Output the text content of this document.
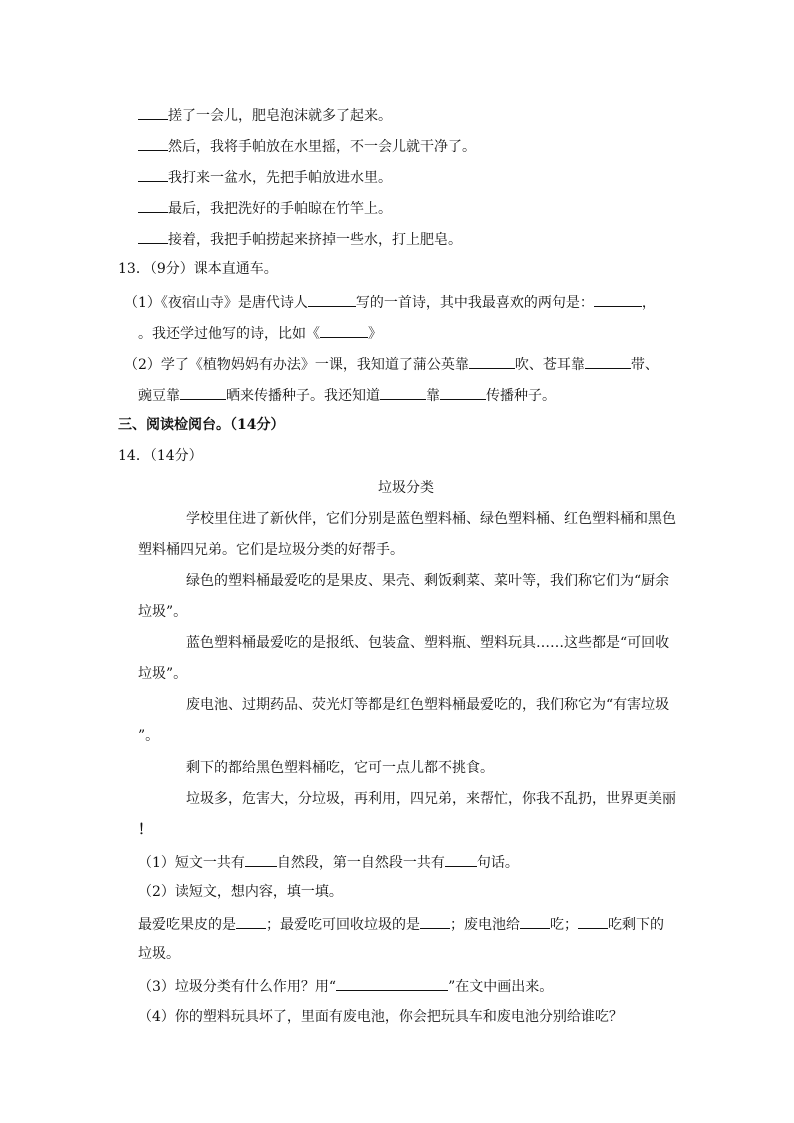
搓了一会儿，肥皂泡沫就多了起来。
然后，我将手帕放在水里摇，不一会儿就干净了。
我打来一盆水，先把手帕放进水里。
最后，我把洗好的手帕晾在竹竿上。
接着，我把手帕捞起来挤掉一些水，打上肥皂。
13．（9分）课本直通车。
（1）《夜宿山寺》是唐代诗人	写的一首诗，其中我最喜欢的两句是：	，
。我还学过他写的诗，比如《	》
（2）学了《植物妈妈有办法》一课，我知道了蒲公英靠	吹、苍耳靠	带、
豌豆靠	晒来传播种子。我还知道	靠	传播种子。
三、阅读检阅台。（14分）
14．（14分）
垃圾分类
学校里住进了新伙伴，它们分别是蓝色塑料桶、绿色塑料桶、红色塑料桶和黑色
塑料桶四兄弟。它们是垃圾分类的好帮手。
绿色的塑料桶最爱吃的是果皮、果壳、剩饭剩菜、菜叶等，我们称它们为“厨余
垃圾”。
蓝色塑料桶最爱吃的是报纸、包装盒、塑料瓶、塑料玩具……这些都是“可回收
垃圾”。
废电池、过期药品、荧光灯等都是红色塑料桶最爱吃的，我们称它为“有害垃圾
”。
剩下的都给黑色塑料桶吃，它可一点儿都不挑食。
垃圾多，危害大，分垃圾，再利用，四兄弟，来帮忙，你我不乱扔，世界更美丽
！
（1）短文一共有 自然段，第一自然段一共有 句话。
（2）读短文，想内容，填一填。
最爱吃果皮的是 ；最爱吃可回收垃圾的是 ；废电池给 吃； 吃剩下的
垃圾。
（3）垃圾分类有什么作用？用“	”在文中画出来。
（4）你的塑料玩具坏了，里面有废电池，你会把玩具车和废电池分别给谁吃？
